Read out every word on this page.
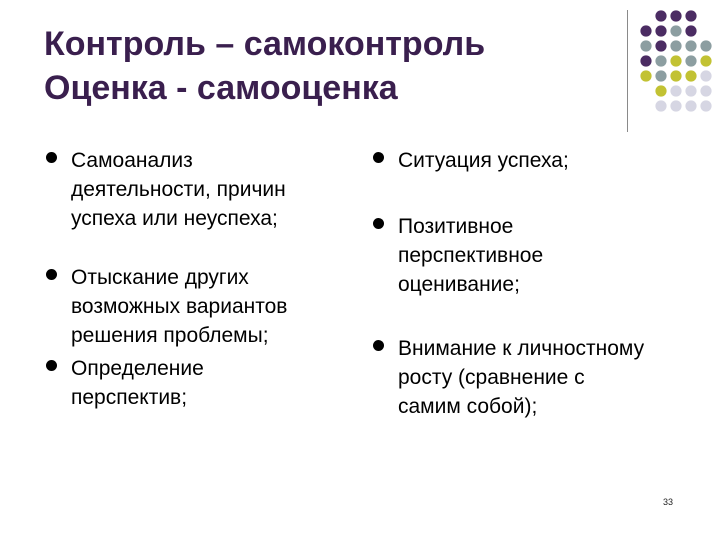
Контроль – самоконтроль
Оценка - самооценка
Самоанализ деятельности, причин успеха или неуспеха;
Отыскание других возможных вариантов решения проблемы;
Определение перспектив;
Ситуация успеха;
Позитивное перспективное оценивание;
Внимание к личностному росту (сравнение с самим собой);
33
